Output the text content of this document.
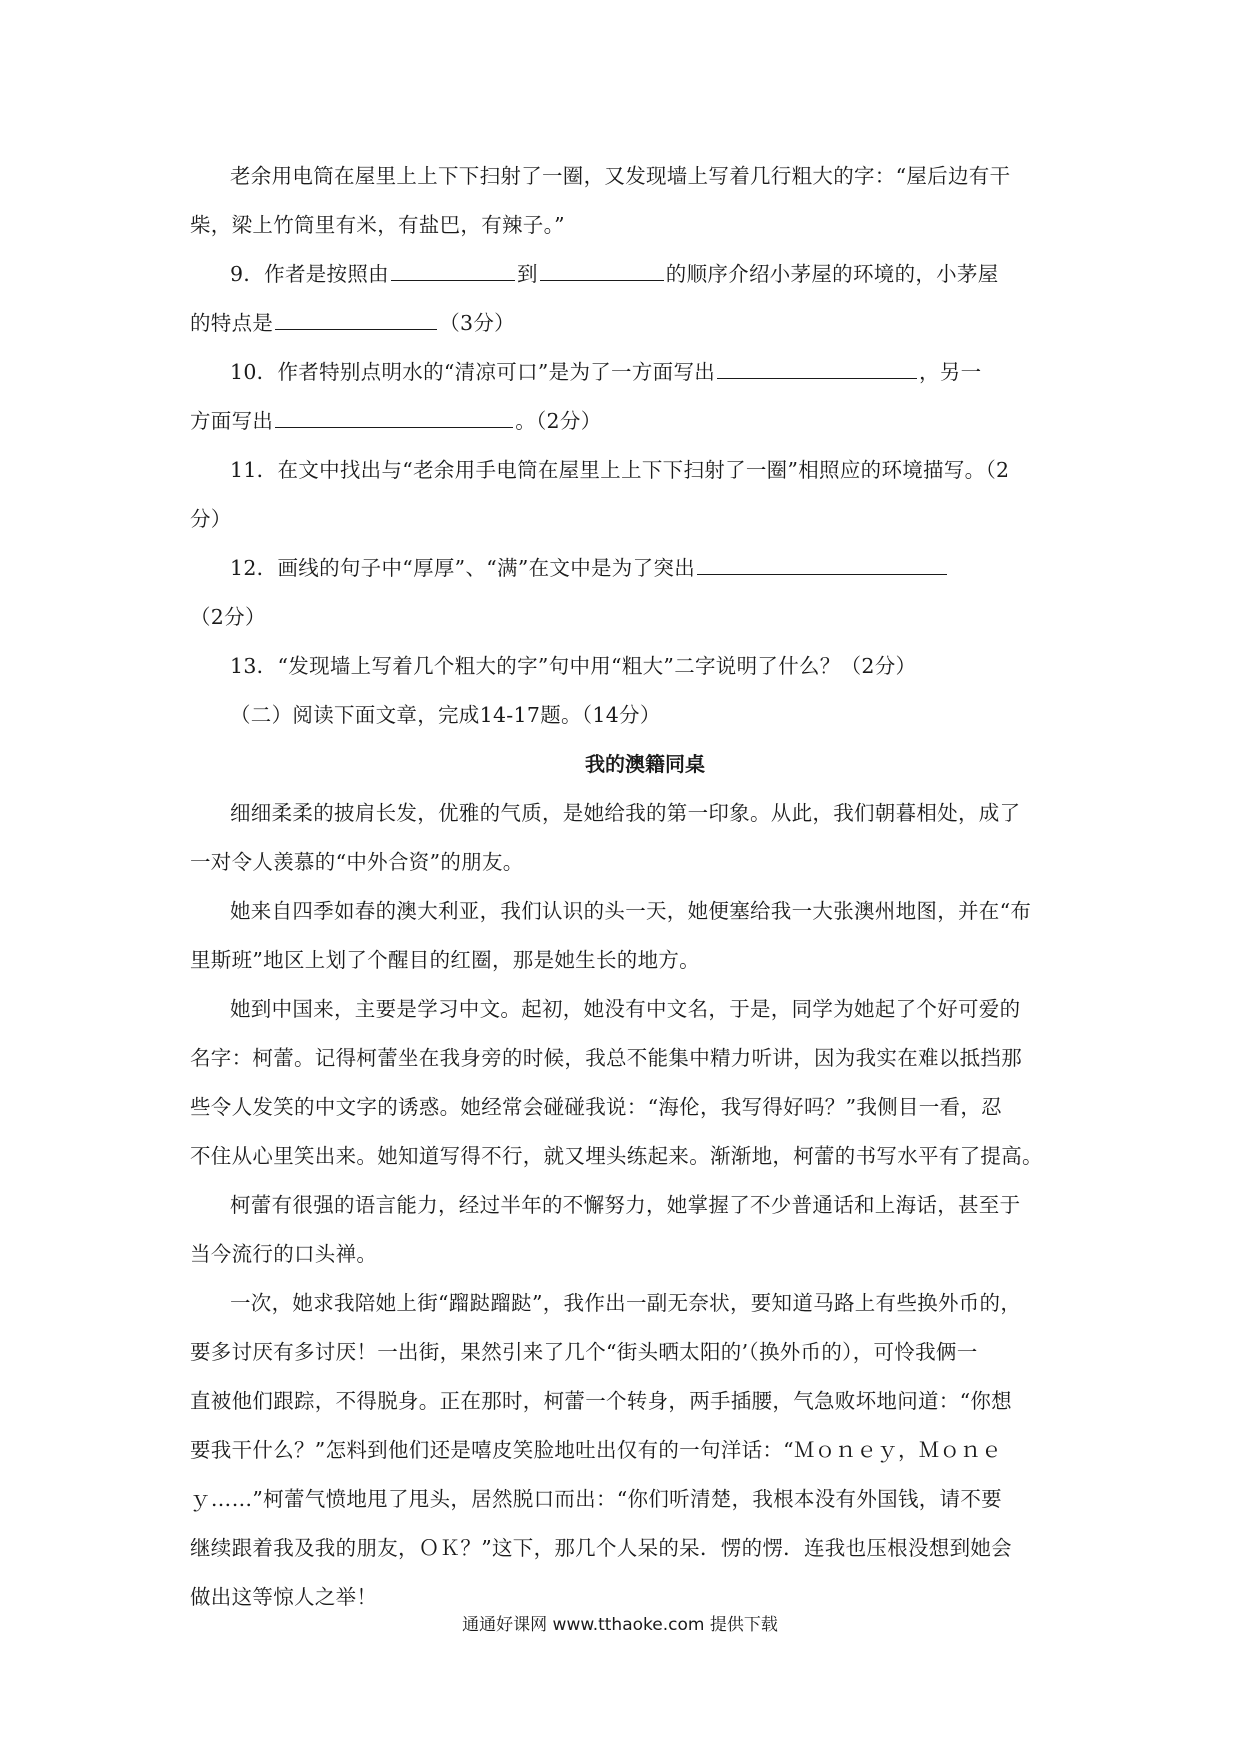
老余用电筒在屋里上上下下扫射了一圈，又发现墙上写着几行粗大的字：“屋后边有干
柴，梁上竹筒里有米，有盐巴，有辣子。”
9．作者是按照由	到	的顺序介绍小茅屋的环境的，小茅屋
的特点是	（3分）
10．作者特别点明水的“清凉可口”是为了一方面写出	，另一
方面写出	。（2分）
11．在文中找出与“老余用手电筒在屋里上上下下扫射了一圈”相照应的环境描写。（2
分）
12．画线的句子中“厚厚”、“满”在文中是为了突出
（2分）
13．“发现墙上写着几个粗大的字”句中用“粗大”二字说明了什么？（2分）
（二）阅读下面文章，完成14-17题。（14分）
我的澳籍同桌
细细柔柔的披肩长发，优雅的气质，是她给我的第一印象。从此，我们朝暮相处，成了
一对令人羡慕的“中外合资”的朋友。
她来自四季如春的澳大利亚，我们认识的头一天，她便塞给我一大张澳州地图，并在“布
里斯班”地区上划了个醒目的红圈，那是她生长的地方。
她到中国来，主要是学习中文。起初，她没有中文名，于是，同学为她起了个好可爱的
名字：柯蕾。记得柯蕾坐在我身旁的时候，我总不能集中精力听讲，因为我实在难以抵挡那
些令人发笑的中文字的诱惑。她经常会碰碰我说：“海伦，我写得好吗？”我侧目一看，忍
不住从心里笑出来。她知道写得不行，就又埋头练起来。渐渐地，柯蕾的书写水平有了提高。
柯蕾有很强的语言能力，经过半年的不懈努力，她掌握了不少普通话和上海话，甚至于
当今流行的口头禅。
一次，她求我陪她上街“蹓跶蹓跶”，我作出一副无奈状，要知道马路上有些换外币的，
要多讨厌有多讨厌！一出街，果然引来了几个“街头晒太阳的’（换外币的），可怜我俩一
直被他们跟踪，不得脱身。正在那时，柯蕾一个转身，两手插腰，气急败坏地问道：“你想
要我干什么？”怎料到他们还是嘻皮笑脸地吐出仅有的一句洋话：“Ｍｏｎｅｙ，Ｍｏｎｅ
ｙ……”柯蕾气愤地甩了甩头，居然脱口而出：“你们听清楚，我根本没有外国钱，请不要
继续跟着我及我的朋友，ＯＫ？”这下，那几个人呆的呆．愣的愣．连我也压根没想到她会
做出这等惊人之举！
通通好课网 www.tthaoke.com 提供下载
